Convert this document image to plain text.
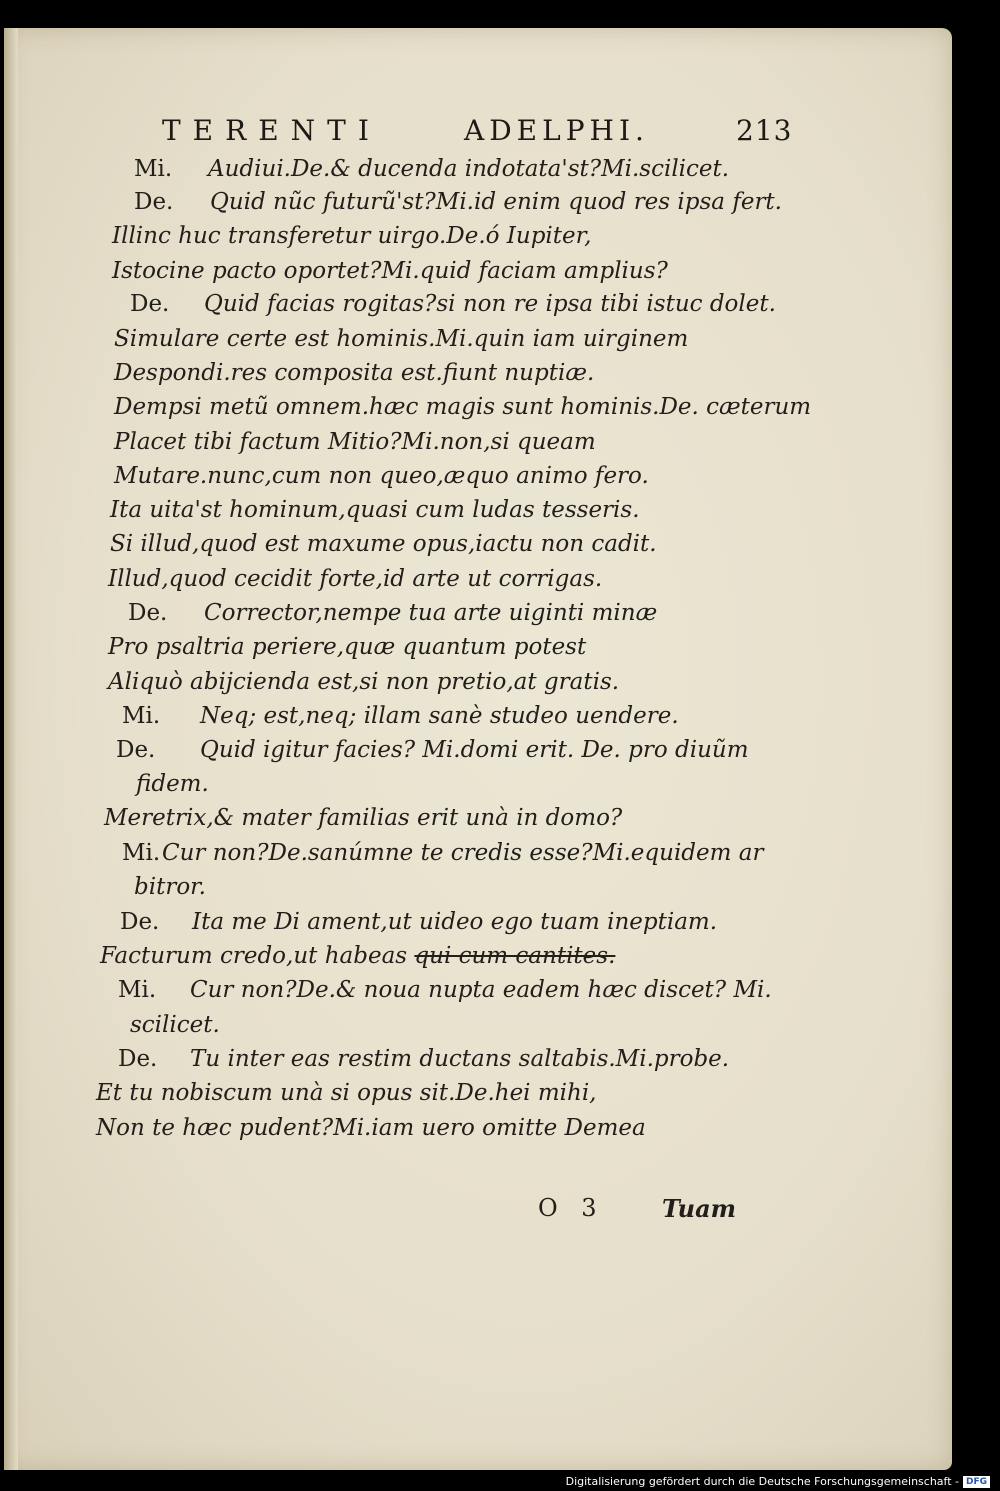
TERENTI	ADELPHI.	213
Mi. Audiui.De.& ducenda indotata'st?Mi.scilicet.
De. Quid nũc futurũ'st?Mi.id enim quod res ipsa fert.
Illinc huc transferetur uirgo.De.ó Iupiter,
Istocine pacto oportet?Mi.quid faciam amplius?
De. Quid facias rogitas?si non re ipsa tibi istuc dolet.
Simulare certe est hominis.Mi.quin iam uirginem
Despondi.res composita est.fiunt nuptiæ.
Dempsi metũ omnem.hæc magis sunt hominis.De. cæterum
Placet tibi factum Mitio?Mi.non,si queam
Mutare.nunc,cum non queo,æquo animo fero.
Ita uita'st hominum,quasi cum ludas tesseris.
Si illud,quod est maxume opus,iactu non cadit.
Illud,quod cecidit forte,id arte ut corrigas.
De. Corrector,nempe tua arte uiginti minæ
Pro psaltria periere,quæ quantum potest
Aliquò abijcienda est,si non pretio,at gratis.
Mi. Neq; est,neq; illam sanè studeo uendere.
De. Quid igitur facies? Mi.domi erit. De. pro diuũm
fidem.
Meretrix,& mater familias erit unà in domo?
Mi. Cur non?De.sanúmne te credis esse?Mi.equidem ar
bitror.
De. Ita me Di ament,ut uideo ego tuam ineptiam.
Facturum credo,ut habeas qui cum cantites.
Mi. Cur non?De.& noua nupta eadem hæc discet? Mi.
scilicet.
De. Tu inter eas restim ductans saltabis.Mi.probe.
Et tu nobiscum unà si opus sit.De.hei mihi,
Non te hæc pudent?Mi.iam uero omitte Demea
O 3 Tuam
Digitalisierung gefördert durch die Deutsche Forschungsgemeinschaft - DFG
